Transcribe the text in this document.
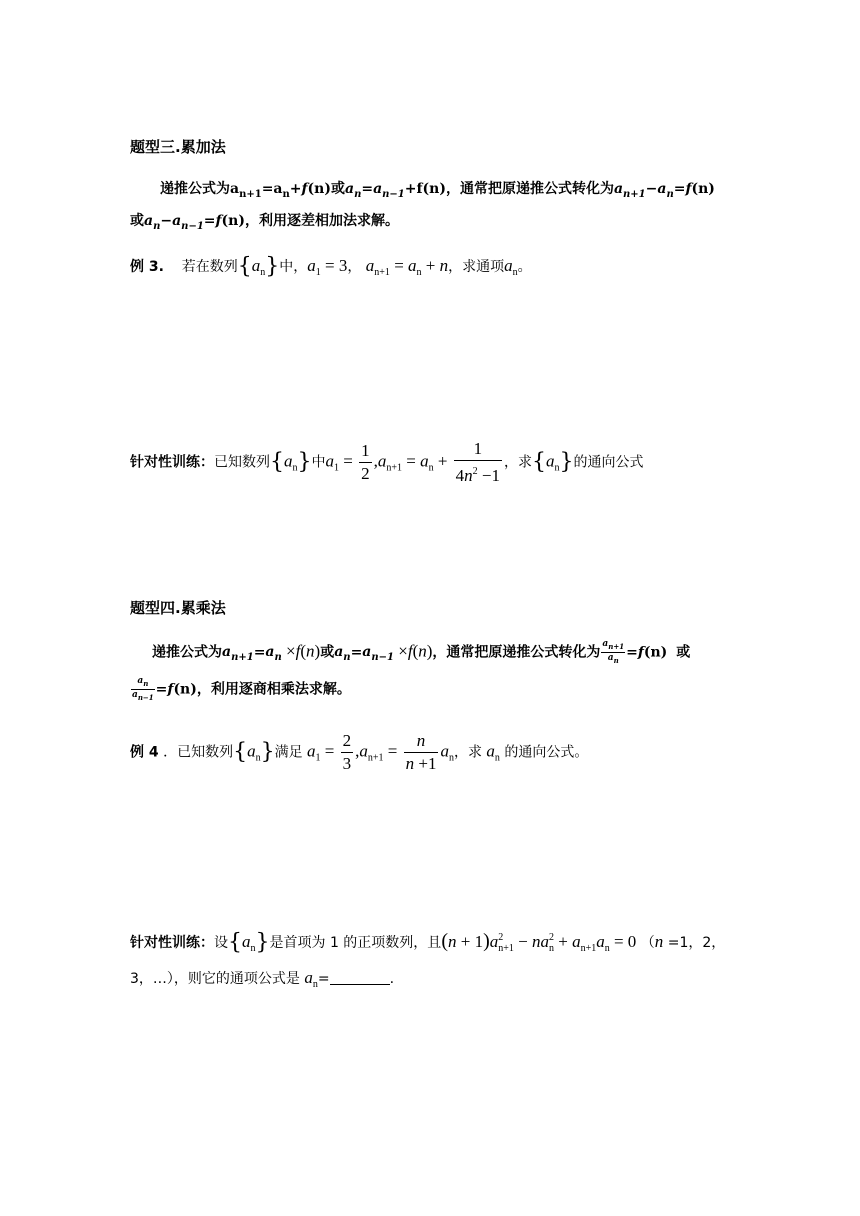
题型三.累加法
递推公式为$a_{n+1}=a_n+f(n)$或$a_n=a_{n-1}+f(n)$，通常把原递推公式转化为$a_{n+1}-a_n=f(n)$
或$a_n-a_{n-1}=f(n)$，利用逐差相加法求解。
例 3. 若在数列$\{a_n\}$中，$a_1 = 3$， $a_{n+1} = a_n + n$，求通项$a_n$。
针对性训练：已知数列$\{a_n\}$中$a_1 = \frac{1}{2} ,a_{n+1} = a_n + \frac{1}{4n^2 -1}$ ，求$\{a_n\}$的通向公式
题型四.累乘法
递推公式为$a_{n+1}=a_n \times f(n)$或$a_n=a_{n-1} \times f(n)$，通常把原递推公式转化为 $\frac{a_{n+1}}{a_n} =f(n)$ 或
$\frac{a_n}{a_{n-1}} =f(n)$，利用逐商相乘法求解。
例 4 ．已知数列$\{a_n\}$满足 $a_1 = \frac{2}{3} ,a_{n+1} = \frac{n}{n +1} a_n$，求 $a_n$ 的通向公式。
针对性训练：设$\{a_n\}$是首项为 1 的正项数列，且(n + 1)a 2
n+1 − na 2
$n + a_{n+1}a_n = 0$ （n =1，2，
3，…），则它的通项公式是 $a_n=$	.
